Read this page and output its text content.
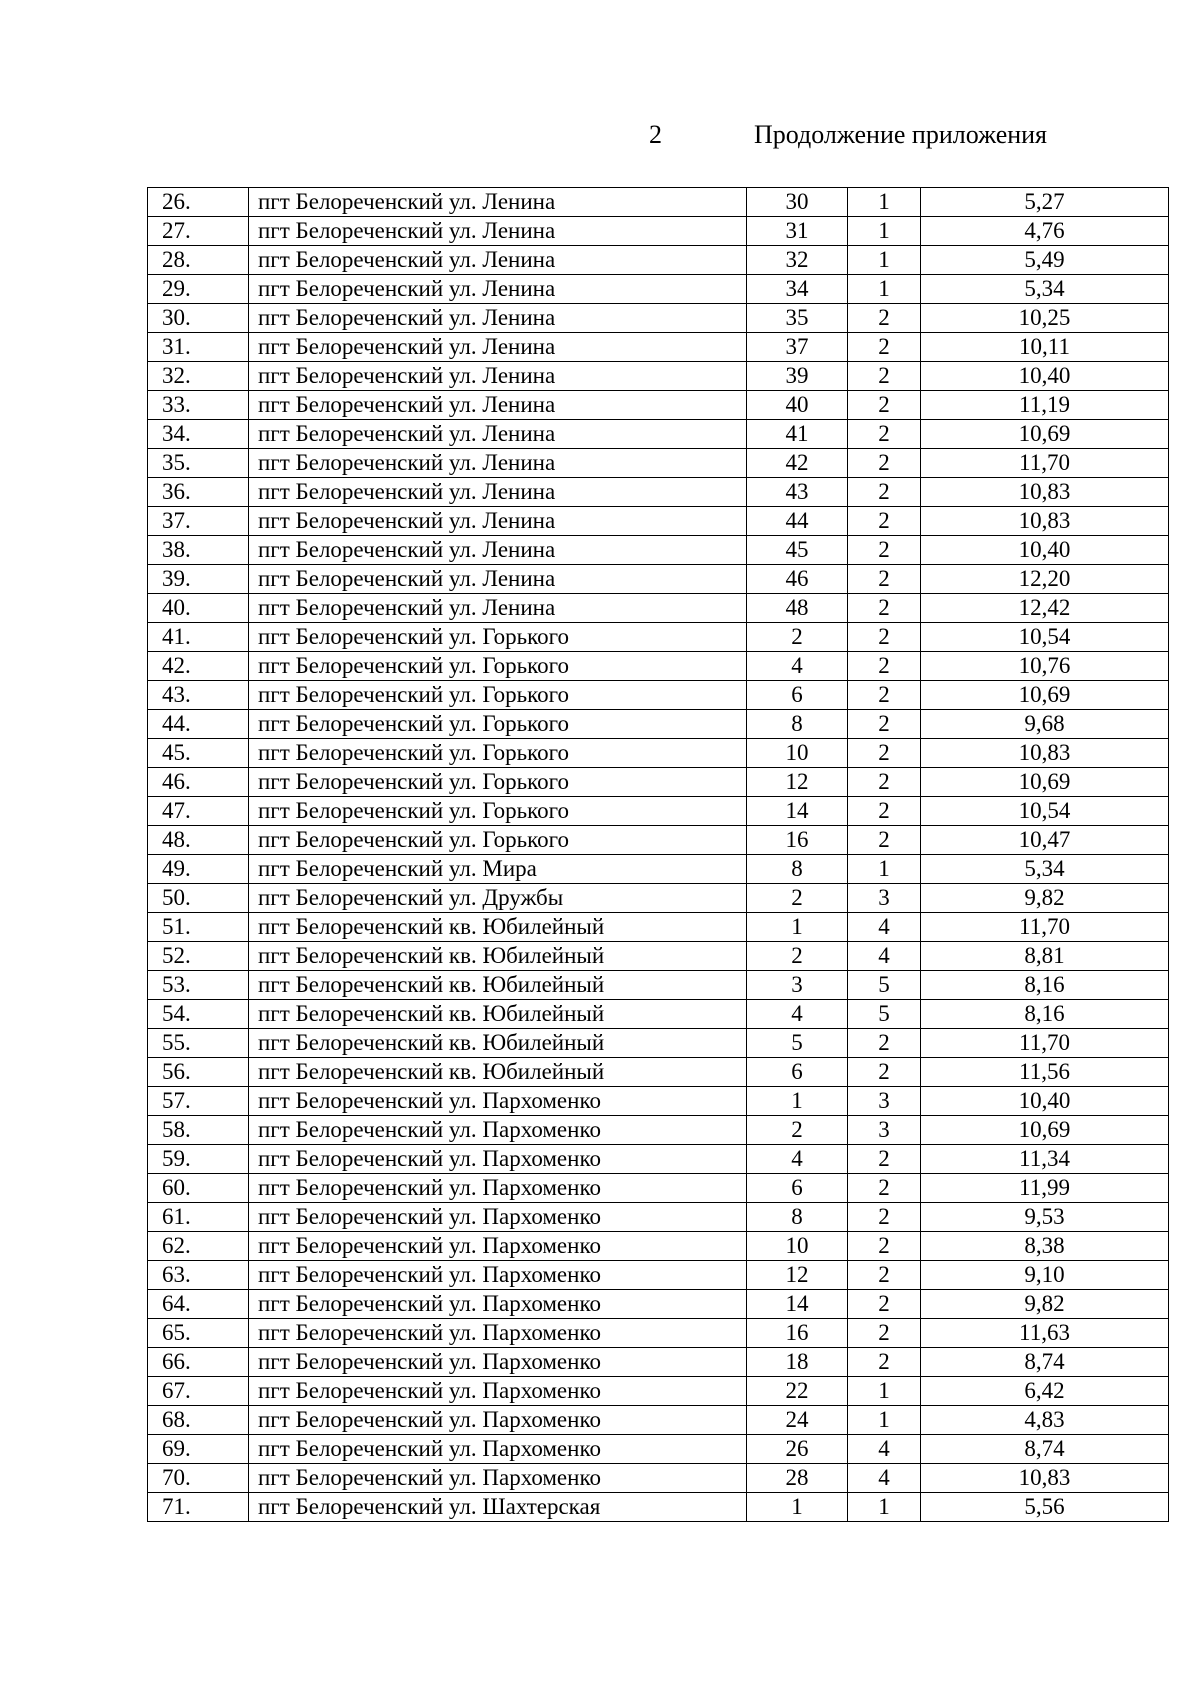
2	Продолжение приложения
26.	пгт Белореченский ул. Ленина	30	1	5,27
27.	пгт Белореченский ул. Ленина	31	1	4,76
28.	пгт Белореченский ул. Ленина	32	1	5,49
29.	пгт Белореченский ул. Ленина	34	1	5,34
30.	пгт Белореченский ул. Ленина	35	2	10,25
31.	пгт Белореченский ул. Ленина	37	2	10,11
32.	пгт Белореченский ул. Ленина	39	2	10,40
33.	пгт Белореченский ул. Ленина	40	2	11,19
34.	пгт Белореченский ул. Ленина	41	2	10,69
35.	пгт Белореченский ул. Ленина	42	2	11,70
36.	пгт Белореченский ул. Ленина	43	2	10,83
37.	пгт Белореченский ул. Ленина	44	2	10,83
38.	пгт Белореченский ул. Ленина	45	2	10,40
39.	пгт Белореченский ул. Ленина	46	2	12,20
40.	пгт Белореченский ул. Ленина	48	2	12,42
41.	пгт Белореченский ул. Горького	2	2	10,54
42.	пгт Белореченский ул. Горького	4	2	10,76
43.	пгт Белореченский ул. Горького	6	2	10,69
44.	пгт Белореченский ул. Горького	8	2	9,68
45.	пгт Белореченский ул. Горького	10	2	10,83
46.	пгт Белореченский ул. Горького	12	2	10,69
47.	пгт Белореченский ул. Горького	14	2	10,54
48.	пгт Белореченский ул. Горького	16	2	10,47
49.	пгт Белореченский ул. Мира	8	1	5,34
50.	пгт Белореченский ул. Дружбы	2	3	9,82
51.	пгт Белореченский кв. Юбилейный	1	4	11,70
52.	пгт Белореченский кв. Юбилейный	2	4	8,81
53.	пгт Белореченский кв. Юбилейный	3	5	8,16
54.	пгт Белореченский кв. Юбилейный	4	5	8,16
55.	пгт Белореченский кв. Юбилейный	5	2	11,70
56.	пгт Белореченский кв. Юбилейный	6	2	11,56
57.	пгт Белореченский ул. Пархоменко	1	3	10,40
58.	пгт Белореченский ул. Пархоменко	2	3	10,69
59.	пгт Белореченский ул. Пархоменко	4	2	11,34
60.	пгт Белореченский ул. Пархоменко	6	2	11,99
61.	пгт Белореченский ул. Пархоменко	8	2	9,53
62.	пгт Белореченский ул. Пархоменко	10	2	8,38
63.	пгт Белореченский ул. Пархоменко	12	2	9,10
64.	пгт Белореченский ул. Пархоменко	14	2	9,82
65.	пгт Белореченский ул. Пархоменко	16	2	11,63
66.	пгт Белореченский ул. Пархоменко	18	2	8,74
67.	пгт Белореченский ул. Пархоменко	22	1	6,42
68.	пгт Белореченский ул. Пархоменко	24	1	4,83
69.	пгт Белореченский ул. Пархоменко	26	4	8,74
70.	пгт Белореченский ул. Пархоменко	28	4	10,83
71.	пгт Белореченский ул. Шахтерская	1	1	5,56
